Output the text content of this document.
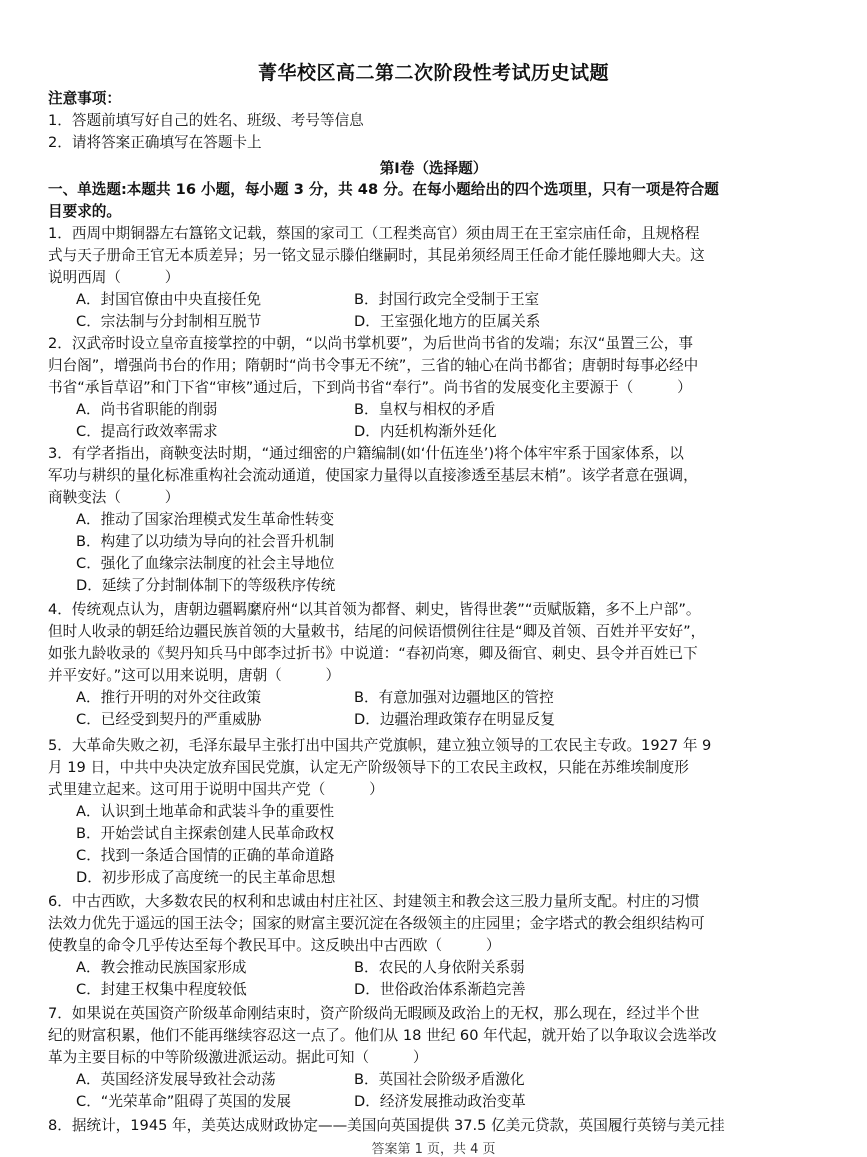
菁华校区高二第二次阶段性考试历史试题
注意事项：
1．答题前填写好自己的姓名、班级、考号等信息
2．请将答案正确填写在答题卡上
第Ⅰ卷（选择题）
一、单选题:本题共 16 小题，每小题 3 分，共 48 分。在每小题给出的四个选项里，只有一项是符合题
目要求的。
1．西周中期铜器左右簋铭文记载，蔡国的家司工（工程类高官）须由周王在王室宗庙任命，且规格程
式与天子册命王官无本质差异；另一铭文显示滕伯继嗣时，其昆弟须经周王任命才能任滕地卿大夫。这
说明西周（　　　）
A．封国官僚由中央直接任免	B．封国行政完全受制于王室
C．宗法制与分封制相互脱节	D．王室强化地方的臣属关系
2．汉武帝时设立皇帝直接掌控的中朝，“以尚书掌机要”，为后世尚书省的发端；东汉“虽置三公，事
归台阁”，增强尚书台的作用；隋朝时“尚书令事无不统”，三省的轴心在尚书都省；唐朝时每事必经中
书省“承旨草诏”和门下省“审核”通过后，下到尚书省“奉行”。尚书省的发展变化主要源于（　　　）
A．尚书省职能的削弱	B．皇权与相权的矛盾
C．提高行政效率需求	D．内廷机构渐外廷化
3．有学者指出，商鞅变法时期，“通过细密的户籍编制(如‘什伍连坐’)将个体牢牢系于国家体系，以
军功与耕织的量化标准重构社会流动通道，使国家力量得以直接渗透至基层末梢”。该学者意在强调，
商鞅变法（　　　）
A．推动了国家治理模式发生革命性转变
B．构建了以功绩为导向的社会晋升机制
C．强化了血缘宗法制度的社会主导地位
D．延续了分封制体制下的等级秩序传统
4．传统观点认为，唐朝边疆羁縻府州“以其首领为都督、刺史，皆得世袭”“贡赋版籍，多不上户部”。
但时人收录的朝廷给边疆民族首领的大量敕书，结尾的问候语惯例往往是“卿及首领、百姓并平安好”，
如张九龄收录的《契丹知兵马中郎李过折书》中说道：“春初尚寒，卿及衙官、刺史、县令并百姓已下
并平安好。”这可以用来说明，唐朝（　　　）
A．推行开明的对外交往政策	B．有意加强对边疆地区的管控
C．已经受到契丹的严重威胁	D．边疆治理政策存在明显反复
5．大革命失败之初，毛泽东最早主张打出中国共产党旗帜，建立独立领导的工农民主专政。1927 年 9
月 19 日，中共中央决定放弃国民党旗，认定无产阶级领导下的工农民主政权，只能在苏维埃制度形
式里建立起来。这可用于说明中国共产党（　　　）
A．认识到土地革命和武装斗争的重要性
B．开始尝试自主探索创建人民革命政权
C．找到一条适合国情的正确的革命道路
D．初步形成了高度统一的民主革命思想
6．中古西欧，大多数农民的权利和忠诚由村庄社区、封建领主和教会这三股力量所支配。村庄的习惯
法效力优先于遥远的国王法令；国家的财富主要沉淀在各级领主的庄园里；金字塔式的教会组织结构可
使教皇的命令几乎传达至每个教民耳中。这反映出中古西欧（　　　）
A．教会推动民族国家形成	B．农民的人身依附关系弱
C．封建王权集中程度较低	D．世俗政治体系渐趋完善
7．如果说在英国资产阶级革命刚结束时，资产阶级尚无暇顾及政治上的无权，那么现在，经过半个世
纪的财富积累，他们不能再继续容忍这一点了。他们从 18 世纪 60 年代起，就开始了以争取议会选举改
革为主要目标的中等阶级激进派运动。据此可知（　　　）
A．英国经济发展导致社会动荡	B．英国社会阶级矛盾激化
C．“光荣革命”阻碍了英国的发展	D．经济发展推动政治变革
8．据统计，1945 年，美英达成财政协定——美国向英国提供 37.5 亿美元贷款，英国履行英镑与美元挂
答案第 1 页，共 4 页
